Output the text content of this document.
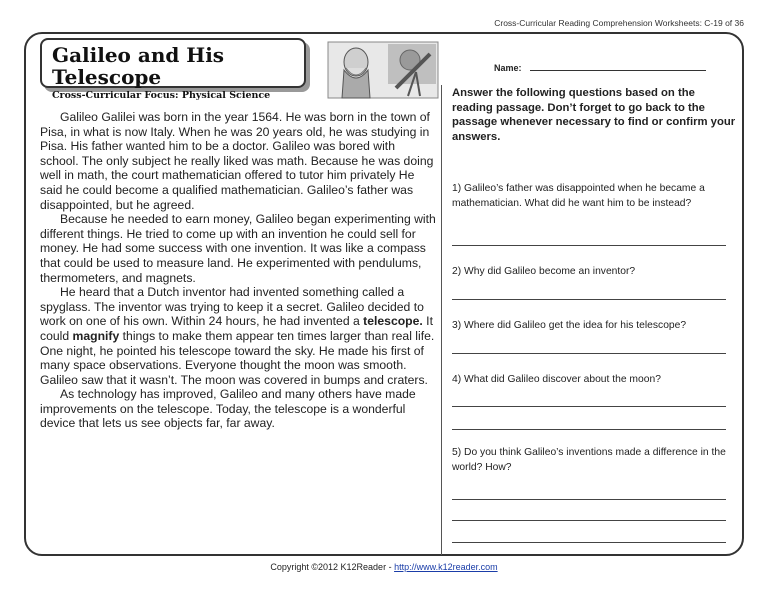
Cross-Curricular Reading Comprehension Worksheets: C-19 of 36
Galileo and His Telescope
Cross-Curricular Focus: Physical Science
Name:

Galileo Galilei was born in the year 1564. He was born in the town of Pisa, in what is now Italy. When he was 20 years old, he was studying in Pisa. His father wanted him to be a doctor. Galileo was bored with school. The only subject he really liked was math. Because he was doing well in math, the court mathematician offered to tutor him privately He said he could become a qualified mathematician. Galileo’s father was disappointed, but he agreed.

Because he needed to earn money, Galileo began experimenting with different things. He tried to come up with an invention he could sell for money. He had some success with one invention. It was like a compass that could be used to measure land. He experimented with pendulums, thermometers, and magnets.

He heard that a Dutch inventor had invented something called a spyglass. The inventor was trying to keep it a secret. Galileo decided to work on one of his own. Within 24 hours, he had invented a telescope. It could magnify things to make them appear ten times larger than real life. One night, he pointed his telescope toward the sky. He made his first of many space observations. Everyone thought the moon was smooth. Galileo saw that it wasn’t. The moon was covered in bumps and craters.

As technology has improved, Galileo and many others have made improvements on the telescope. Today, the telescope is a wonderful device that lets us see objects far, far away.

Answer the following questions based on the reading passage. Don’t forget to go back to the passage whenever necessary to find or confirm your answers.
1) Galileo’s father was disappointed when he became a mathematician. What did he want him to be instead?
2) Why did Galileo become an inventor?
3) Where did Galileo get the idea for his telescope?
4) What did Galileo discover about the moon?
5) Do you think Galileo’s inventions made a difference in the world? How?
Copyright ©2012 K12Reader - http://www.k12reader.com
